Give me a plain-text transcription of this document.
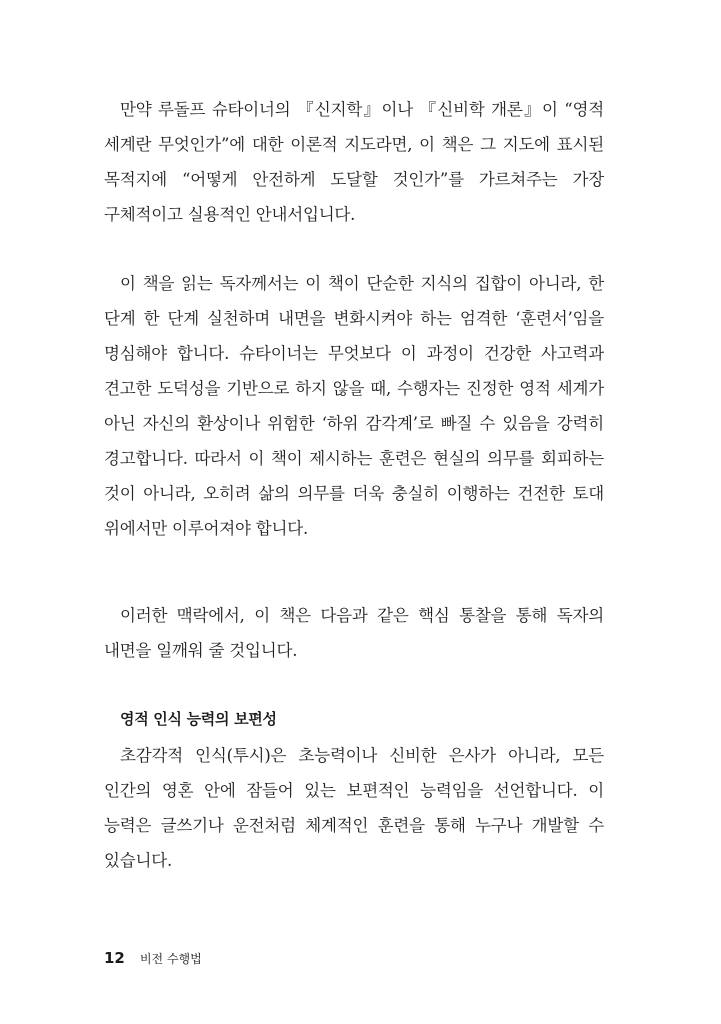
만약 루돌프 슈타이너의 『신지학』이나 『신비학 개론』이 “영적 세계란 무엇인가”에 대한 이론적 지도라면, 이 책은 그 지도에 표시된 목적지에 “어떻게 안전하게 도달할 것인가”를 가르쳐주는 가장 구체적이고 실용적인 안내서입니다.

이 책을 읽는 독자께서는 이 책이 단순한 지식의 집합이 아니라, 한 단계 한 단계 실천하며 내면을 변화시켜야 하는 엄격한 ‘훈련서’임을 명심해야 합니다. 슈타이너는 무엇보다 이 과정이 건강한 사고력과 견고한 도덕성을 기반으로 하지 않을 때, 수행자는 진정한 영적 세계가 아닌 자신의 환상이나 위험한 ‘하위 감각계’로 빠질 수 있음을 강력히 경고합니다. 따라서 이 책이 제시하는 훈련은 현실의 의무를 회피하는 것이 아니라, 오히려 삶의 의무를 더욱 충실히 이행하는 건전한 토대 위에서만 이루어져야 합니다.

이러한 맥락에서, 이 책은 다음과 같은 핵심 통찰을 통해 독자의 내면을 일깨워 줄 것입니다.

영적 인식 능력의 보편성

초감각적 인식(투시)은 초능력이나 신비한 은사가 아니라, 모든 인간의 영혼 안에 잠들어 있는 보편적인 능력임을 선언합니다. 이 능력은 글쓰기나 운전처럼 체계적인 훈련을 통해 누구나 개발할 수 있습니다.

12 비전 수행법
